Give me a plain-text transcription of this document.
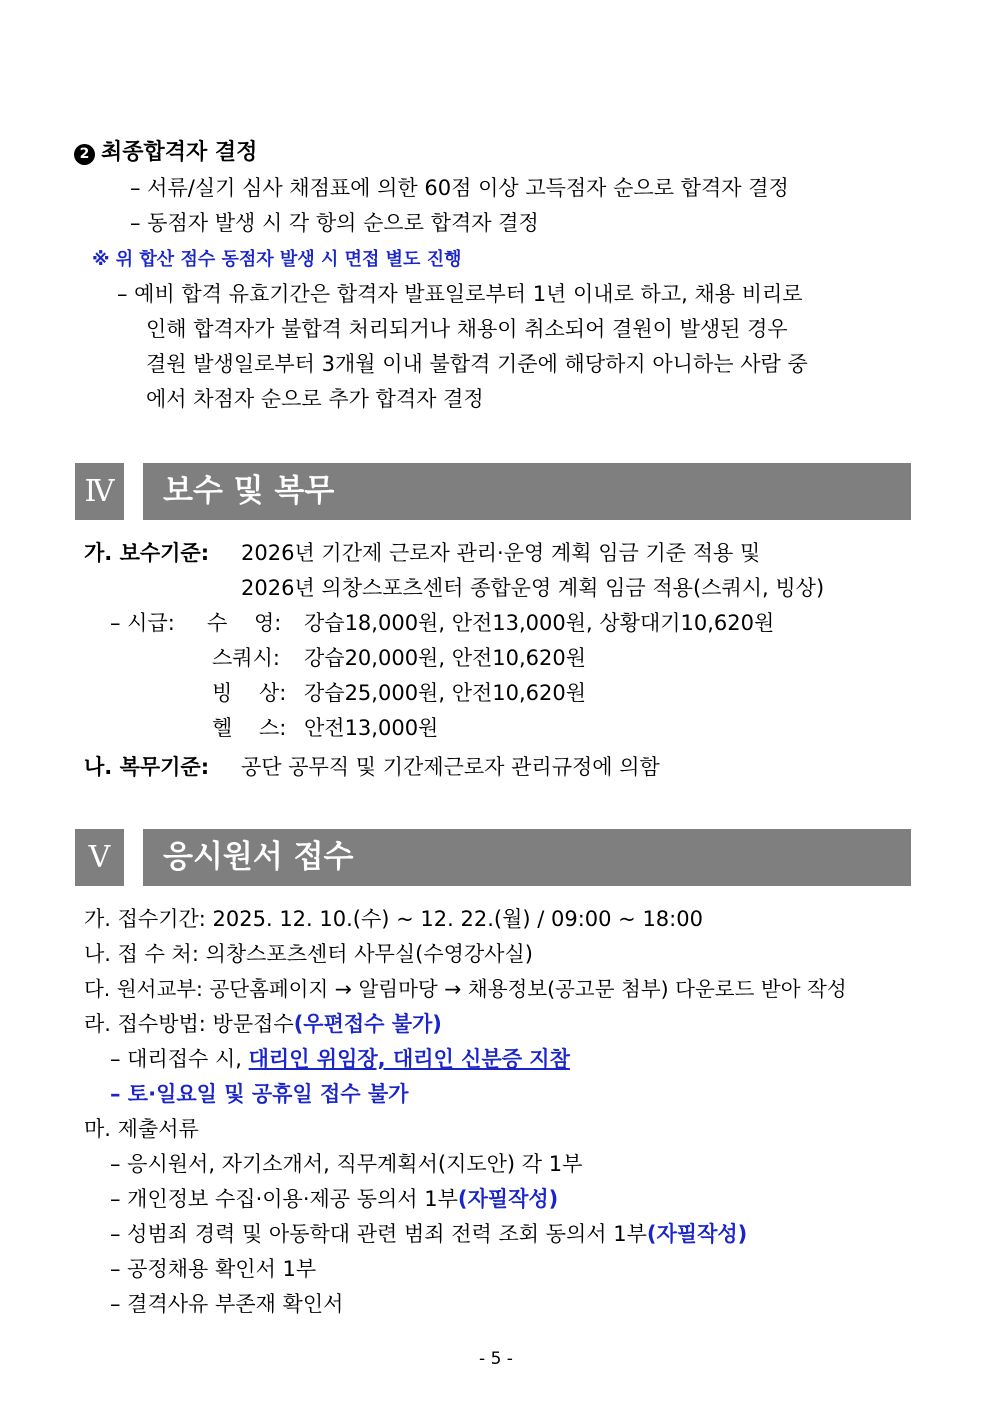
2 최종합격자 결정
– 서류/실기 심사 채점표에 의한 60점 이상 고득점자 순으로 합격자 결정
– 동점자 발생 시 각 항의 순으로 합격자 결정
※ 위 합산 점수 동점자 발생 시 면접 별도 진행
– 예비 합격 유효기간은 합격자 발표일로부터 1년 이내로 하고, 채용 비리로
인해 합격자가 불합격 처리되거나 채용이 취소되어 결원이 발생된 경우
결원 발생일로부터 3개월 이내 불합격 기준에 해당하지 아니하는 사람 중
에서 차점자 순으로 추가 합격자 결정
Ⅳ	보수 및 복무
가. 보수기준: 2026년 기간제 근로자 관리·운영 계획 임금 기준 적용 및
2026년 의창스포츠센터 종합운영 계획 임금 적용(스쿼시, 빙상)
– 시급: 수    영: 강습18,000원, 안전13,000원, 상황대기10,620원
스쿼시: 강습20,000원, 안전10,620원
빙    상: 강습25,000원, 안전10,620원
헬    스: 안전13,000원
나. 복무기준: 공단 공무직 및 기간제근로자 관리규정에 의함
Ⅴ	응시원서 접수
가. 접수기간: 2025. 12. 10.(수) ~ 12. 22.(월) / 09:00 ~ 18:00
나. 접 수 처: 의창스포츠센터 사무실(수영강사실)
다. 원서교부: 공단홈페이지 → 알림마당 → 채용정보(공고문 첨부) 다운로드 받아 작성
라. 접수방법: 방문접수(우편접수 불가)
– 대리접수 시, 대리인 위임장, 대리인 신분증 지참
– 토·일요일 및 공휴일 접수 불가
마. 제출서류
– 응시원서, 자기소개서, 직무계획서(지도안) 각 1부
– 개인정보 수집·이용·제공 동의서 1부(자필작성)
– 성범죄 경력 및 아동학대 관련 범죄 전력 조회 동의서 1부(자필작성)
– 공정채용 확인서 1부
– 결격사유 부존재 확인서
- 5 -
